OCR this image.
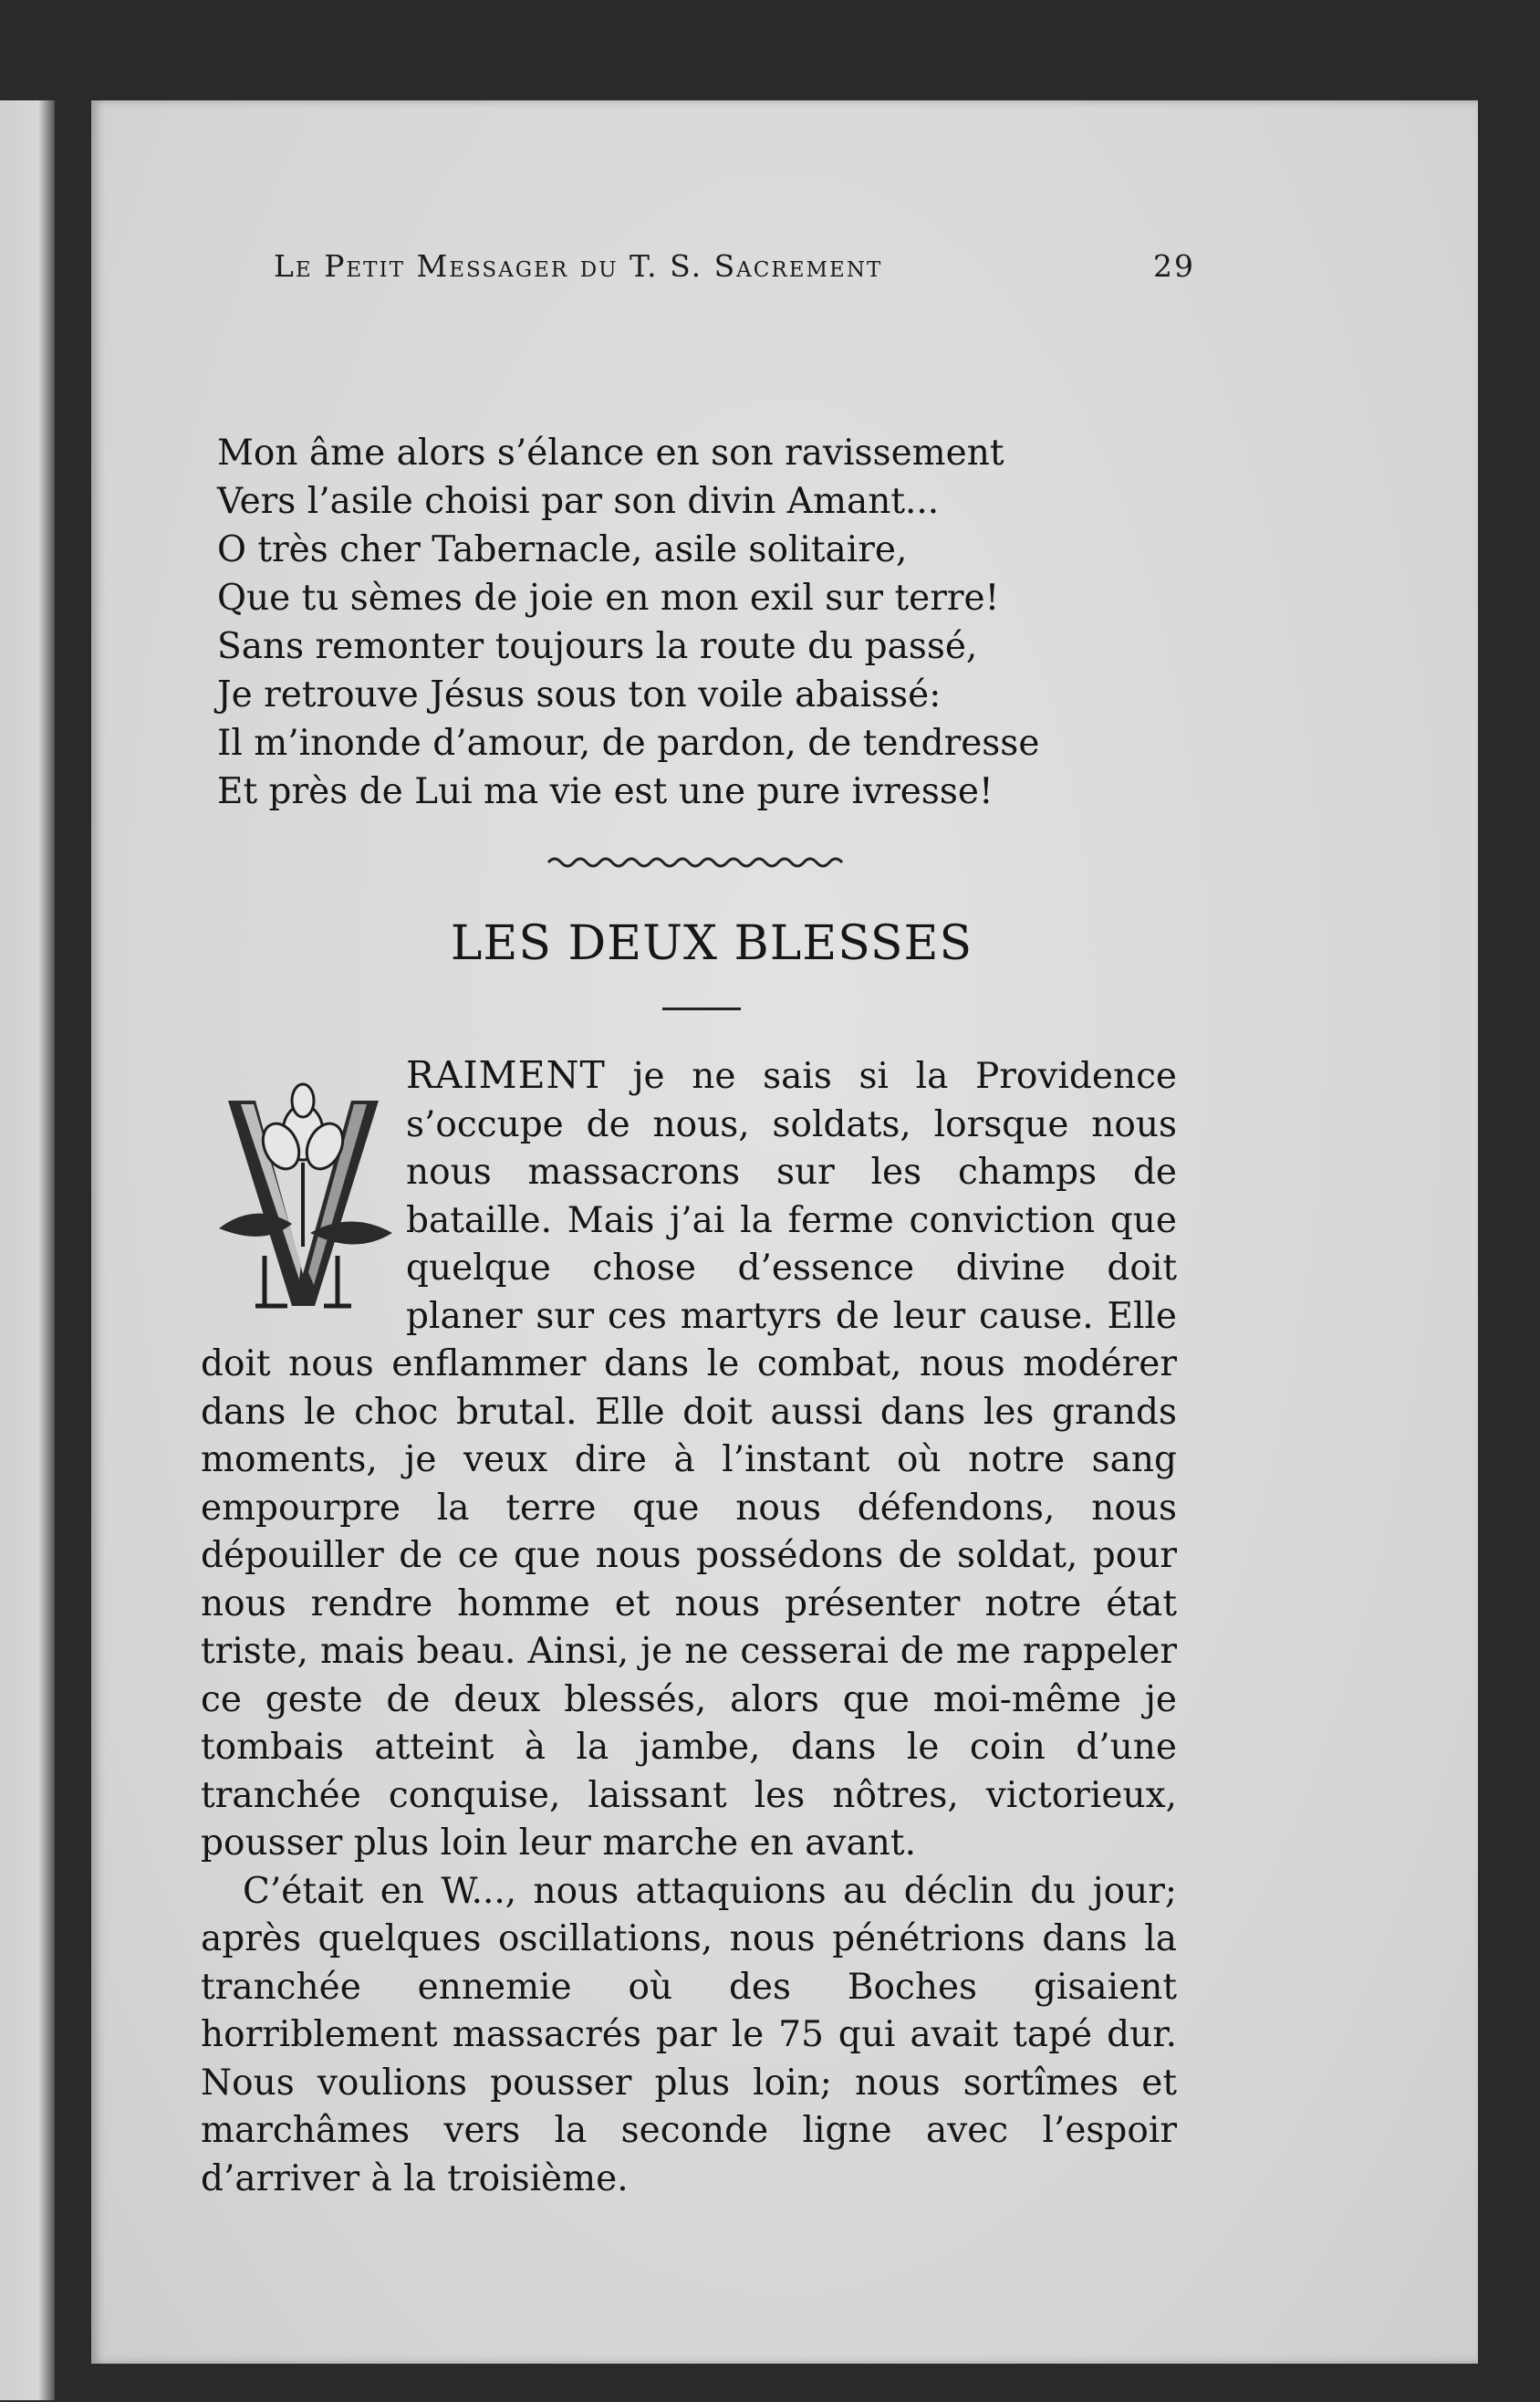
Le Petit Messager du T. S. Sacrement	29
Mon âme alors s’élance en son ravissement
Vers l’asile choisi par son divin Amant...
O très cher Tabernacle, asile solitaire,
Que tu sèmes de joie en mon exil sur terre!
Sans remonter toujours la route du passé,
Je retrouve Jésus sous ton voile abaissé:
Il m’inonde d’amour, de pardon, de tendresse
Et près de Lui ma vie est une pure ivresse!
LES DEUX BLESSES

V
RAIMENT je ne sais si la Providence s’occupe de nous, soldats, lorsque nous nous massacrons sur les champs de bataille. Mais j’ai la ferme conviction que quelque chose d’essence divine doit planer sur ces martyrs de leur cause. Elle doit nous enflammer dans le combat, nous modérer dans le choc brutal. Elle doit aussi dans les grands moments, je veux dire à l’instant où notre sang empourpre la terre que nous défendons, nous dépouiller de ce que nous possédons de soldat, pour nous rendre homme et nous présenter notre état triste, mais beau. Ainsi, je ne cesserai de me rappeler ce geste de deux blessés, alors que moi-même je tombais atteint à la jambe, dans le coin d’une tranchée conquise, laissant les nôtres, victorieux, pousser plus loin leur marche en avant.

C’était en W..., nous attaquions au déclin du jour; après quelques oscillations, nous pénétrions dans la tranchée ennemie où des Boches gisaient horriblement massacrés par le 75 qui avait tapé dur. Nous voulions pousser plus loin; nous sortîmes et marchâmes vers la seconde ligne avec l’espoir d’arriver à la troisième.
